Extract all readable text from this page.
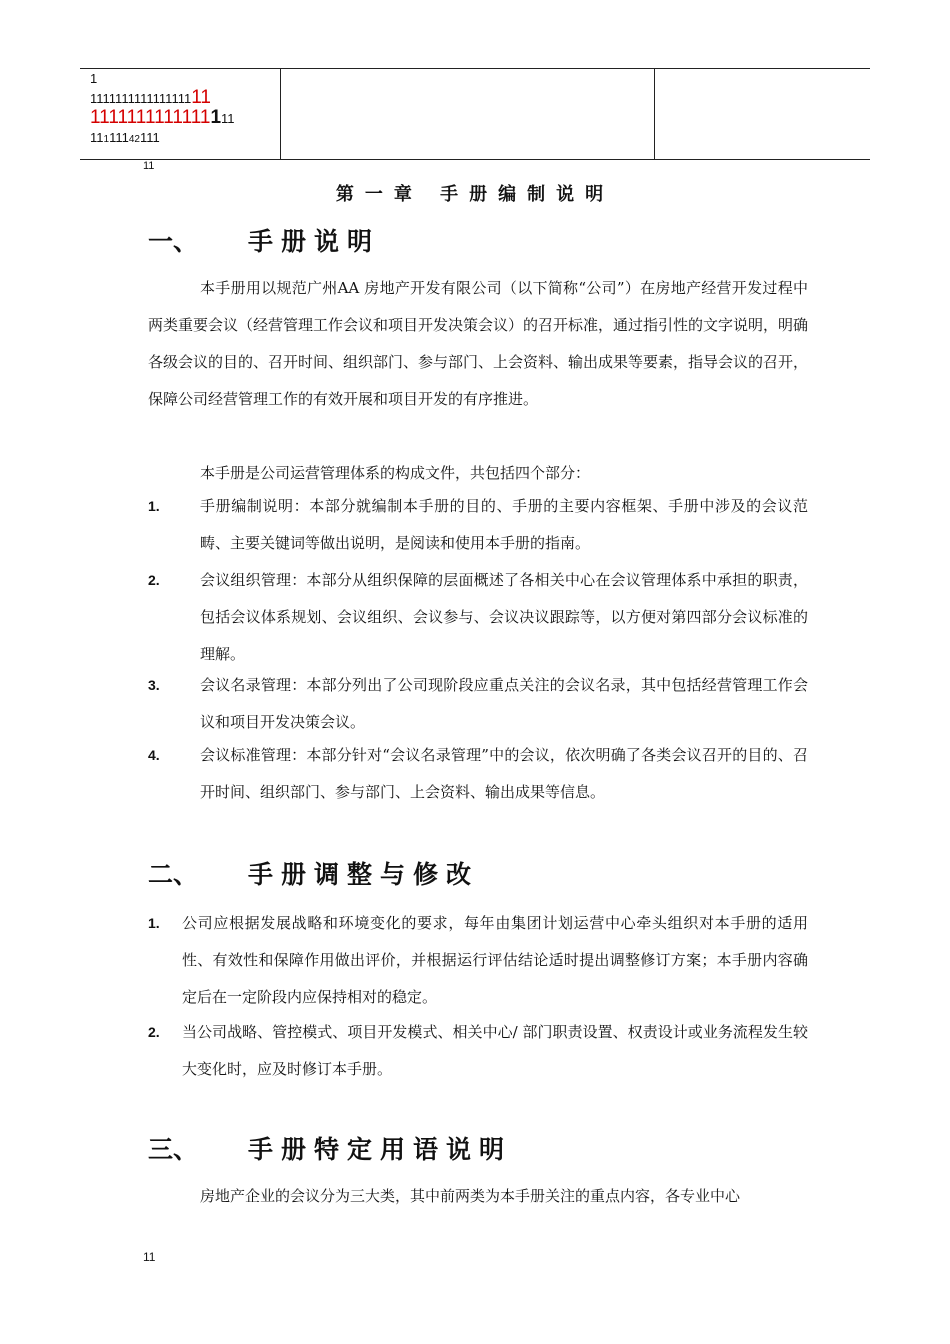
1
111111111111111111
1111111111111111
11111142111
11
第一章 手册编制说明
一、 手册说明

本手册用以规范广州AA 房地产开发有限公司（以下简称“公司”）在房地产经营开发过程中两类重要会议（经营管理工作会议和项目开发决策会议）的召开标准，通过指引性的文字说明，明确各级会议的目的、召开时间、组织部门、参与部门、上会资料、输出成果等要素，指导会议的召开，保障公司经营管理工作的有效开展和项目开发的有序推进。

本手册是公司运营管理体系的构成文件，共包括四个部分：

1.	手册编制说明：本部分就编制本手册的目的、手册的主要内容框架、手册中涉及的会议范畴、主要关键词等做出说明，是阅读和使用本手册的指南。
2.	会议组织管理：本部分从组织保障的层面概述了各相关中心在会议管理体系中承担的职责，包括会议体系规划、会议组织、会议参与、会议决议跟踪等，以方便对第四部分会议标准的理解。
3.	会议名录管理：本部分列出了公司现阶段应重点关注的会议名录，其中包括经营管理工作会议和项目开发决策会议。
4.	会议标准管理：本部分针对“会议名录管理”中的会议，依次明确了各类会议召开的目的、召开时间、组织部门、参与部门、上会资料、输出成果等信息。
二、 手册调整与修改
1. 公司应根据发展战略和环境变化的要求，每年由集团计划运营中心牵头组织对本手册的适用性、有效性和保障作用做出评价，并根据运行评估结论适时提出调整修订方案；本手册内容确定后在一定阶段内应保持相对的稳定。
2. 当公司战略、管控模式、项目开发模式、相关中心/ 部门职责设置、权责设计或业务流程发生较大变化时，应及时修订本手册。
三、 手册特定用语说明

房地产企业的会议分为三大类，其中前两类为本手册关注的重点内容，各专业中心

11
